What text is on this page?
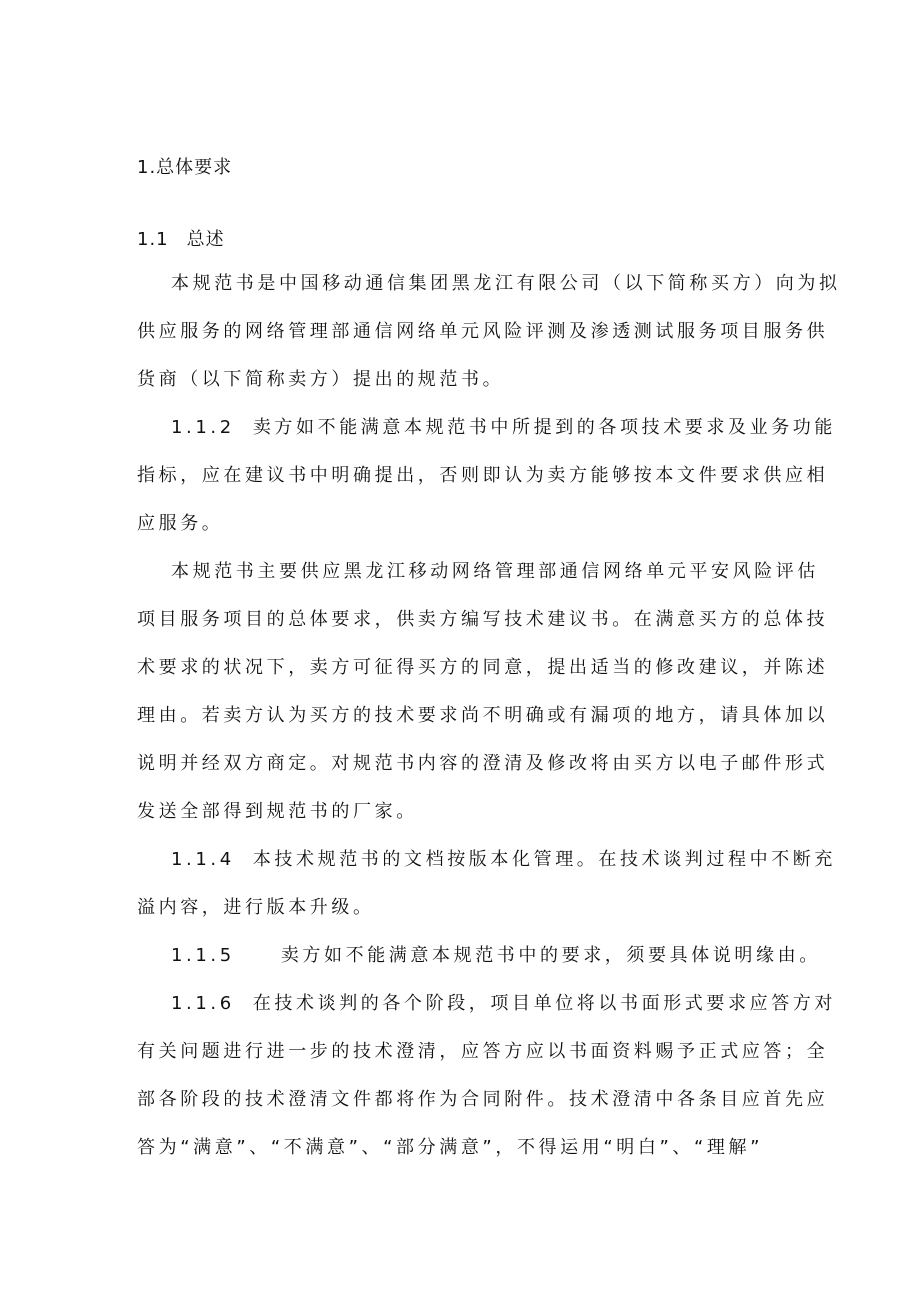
1.总体要求
1.1 总述
本规范书是中国移动通信集团黑龙江有限公司（以下简称买方）向为拟
供应服务的网络管理部通信网络单元风险评测及渗透测试服务项目服务供
货商（以下简称卖方）提出的规范书。
1.1.2 卖方如不能满意本规范书中所提到的各项技术要求及业务功能
指标，应在建议书中明确提出，否则即认为卖方能够按本文件要求供应相
应服务。
本规范书主要供应黑龙江移动网络管理部通信网络单元平安风险评估
项目服务项目的总体要求，供卖方编写技术建议书。在满意买方的总体技
术要求的状况下，卖方可征得买方的同意，提出适当的修改建议，并陈述
理由。若卖方认为买方的技术要求尚不明确或有漏项的地方，请具体加以
说明并经双方商定。对规范书内容的澄清及修改将由买方以电子邮件形式
发送全部得到规范书的厂家。
1.1.4 本技术规范书的文档按版本化管理。在技术谈判过程中不断充
溢内容，进行版本升级。
1.1.5	卖方如不能满意本规范书中的要求，须要具体说明缘由。
1.1.6 在技术谈判的各个阶段，项目单位将以书面形式要求应答方对
有关问题进行进一步的技术澄清，应答方应以书面资料赐予正式应答；全
部各阶段的技术澄清文件都将作为合同附件。技术澄清中各条目应首先应
答为“满意”、“不满意”、“部分满意”，不得运用“明白”、“理解”
